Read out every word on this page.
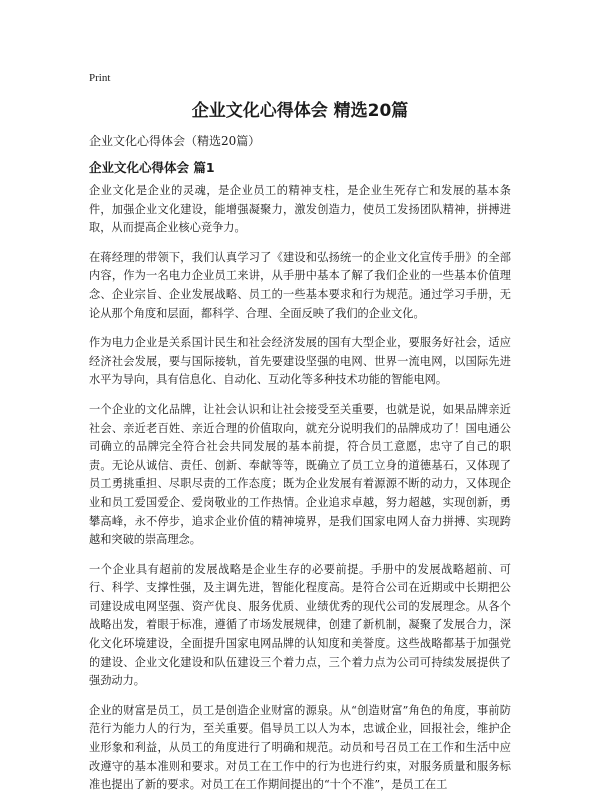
Print
企业文化心得体会 精选20篇

企业文化心得体会（精选20篇）

企业文化心得体会 篇1

企业文化是企业的灵魂，是企业员工的精神支柱，是企业生死存亡和发展的基本条件，加强企业文化建设，能增强凝聚力，激发创造力，使员工发扬团队精神，拼搏进取，从而提高企业核心竞争力。

在蒋经理的带领下，我们认真学习了《建设和弘扬统一的企业文化宣传手册》的全部内容，作为一名电力企业员工来讲，从手册中基本了解了我们企业的一些基本价值理念、企业宗旨、企业发展战略、员工的一些基本要求和行为规范。通过学习手册，无论从那个角度和层面，都科学、合理、全面反映了我们的企业文化。

作为电力企业是关系国计民生和社会经济发展的国有大型企业，要服务好社会，适应经济社会发展，要与国际接轨，首先要建设坚强的电网、世界一流电网，以国际先进水平为导向，具有信息化、自动化、互动化等多种技术功能的智能电网。

一个企业的文化品牌，让社会认识和让社会接受至关重要，也就是说，如果品牌亲近社会、亲近老百姓、亲近合理的价值取向，就充分说明我们的品牌成功了！国电通公司确立的品牌完全符合社会共同发展的基本前提，符合员工意愿，忠守了自己的职责。无论从诚信、责任、创新、奉献等等，既确立了员工立身的道德基石，又体现了员工勇挑重担、尽职尽责的工作态度；既为企业发展有着源源不断的动力，又体现企业和员工爱国爱企、爱岗敬业的工作热情。企业追求卓越，努力超越，实现创新，勇攀高峰，永不停步，追求企业价值的精神境界，是我们国家电网人奋力拼搏、实现跨越和突破的崇高理念。

一个企业具有超前的发展战略是企业生存的必要前提。手册中的发展战略超前、可行、科学、支撑性强，及主调先进，智能化程度高。是符合公司在近期或中长期把公司建设成电网坚强、资产优良、服务优质、业绩优秀的现代公司的发展理念。从各个战略出发，着眼于标准，遵循了市场发展规律，创建了新机制，凝聚了发展合力，深化文化环境建设，全面提升国家电网品牌的认知度和美誉度。这些战略都基于加强党的建设、企业文化建设和队伍建设三个着力点，三个着力点为公司可持续发展提供了强劲动力。

企业的财富是员工，员工是创造企业财富的源泉。从“创造财富”角色的角度，事前防范行为能力人的行为，至关重要。倡导员工以人为本，忠诚企业，回报社会，维护企业形象和利益，从员工的角度进行了明确和规范。动员和号召员工在工作和生活中应改遵守的基本准则和要求。对员工在工作中的行为也进行约束，对服务质量和服务标准也提出了新的要求。对员工在工作期间提出的“十个不准”，是员工在工
